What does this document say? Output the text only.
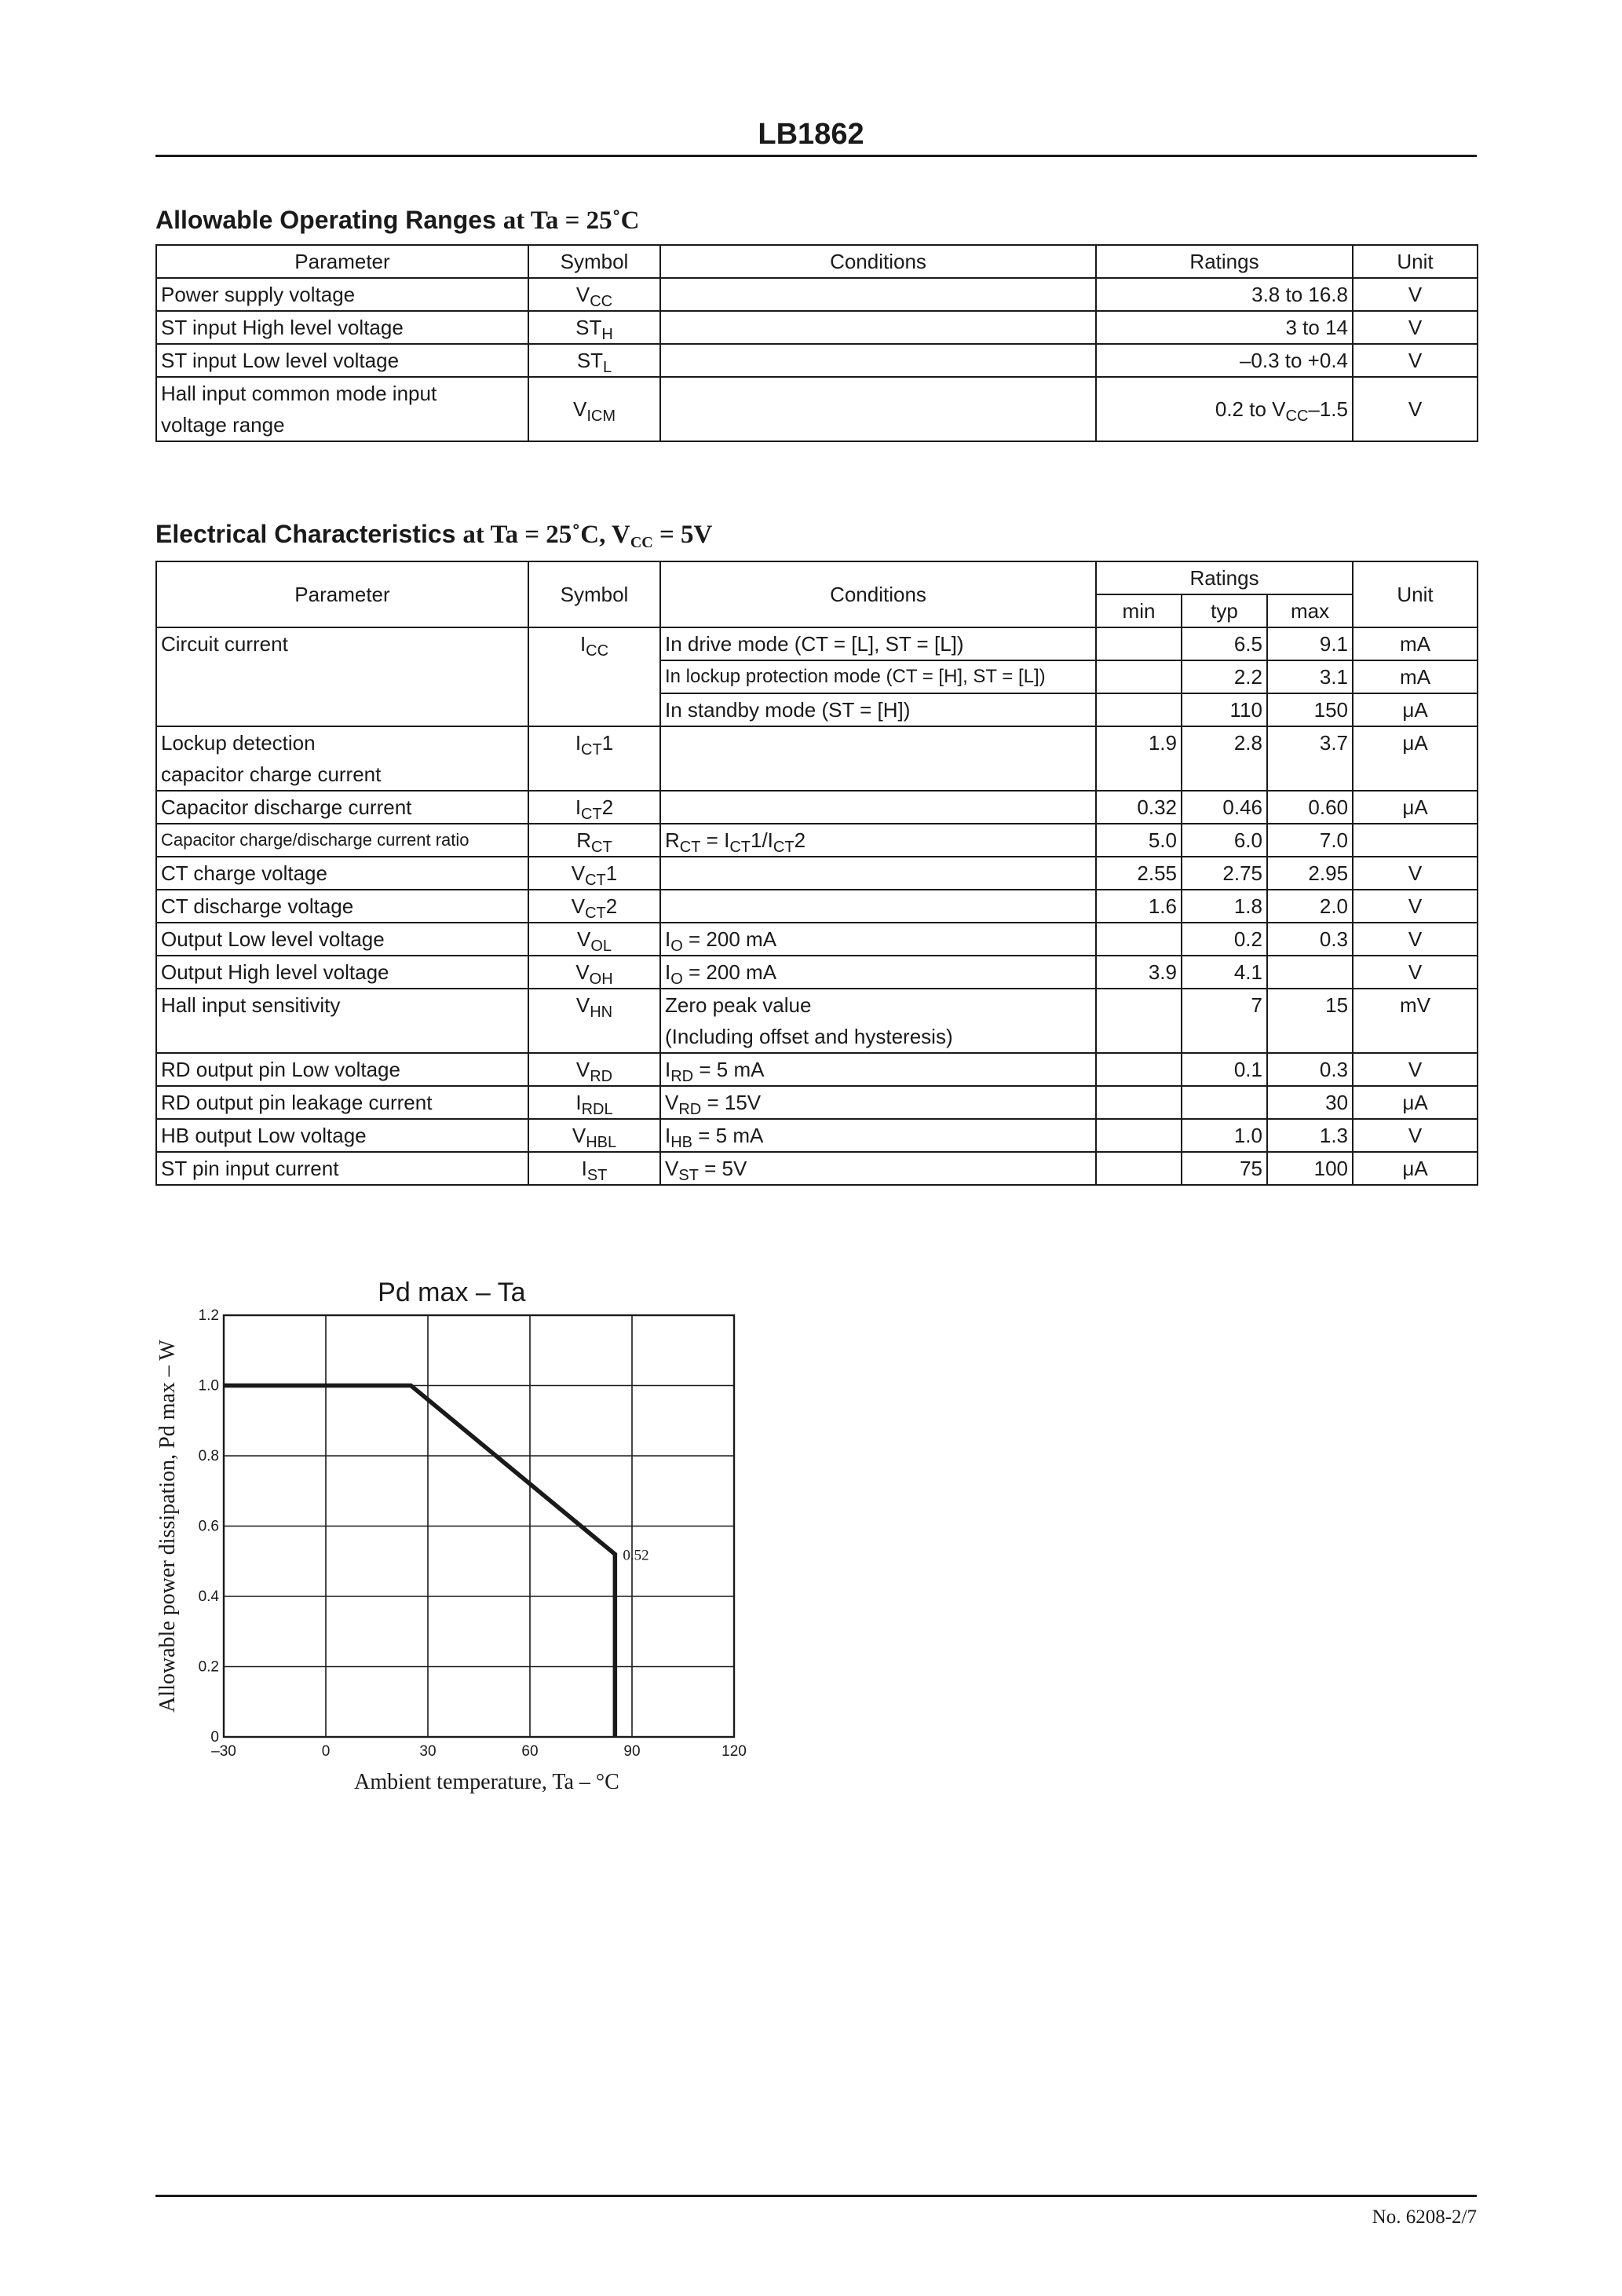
LB1862
Allowable Operating Ranges at Ta = 25˚C
Parameter	Symbol	Conditions	Ratings	Unit
Power supply voltage	$V_{CC}$		3.8 to 16.8	V
ST input High level voltage	$ST_H$		3 to 14	V
ST input Low level voltage	$ST_L$		–0.3 to +0.4	V

Hall input common mode input
voltage range	$V_{ICM}$		0.2 to $V_{CC}-1.5$	V
Electrical Characteristics at Ta = 25˚C, $V_{CC} = 5V$
Parameter	Symbol	Conditions	Ratings			Unit
			min	typ	max	
Circuit current	$I_{CC}$	In drive mode (CT = [L], ST = [L])		6.5	9.1	mA
		In lockup protection mode (CT = [H], ST = [L])		2.2	3.1	mA
		In standby mode (ST = [H])		110	150	μA

Lockup detection
capacitor charge current	$I_{CT}1$		1.9	2.8	3.7	μA
Capacitor discharge current	$I_{CT}2$		0.32	0.46	0.60	μA
Capacitor charge/discharge current ratio	$R_{CT}$	$R_{CT} = I_{CT}1/I_{CT}2$	5.0	6.0	7.0	
CT charge voltage	$V_{CT}1$		2.55	2.75	2.95	V
CT discharge voltage	$V_{CT}2$		1.6	1.8	2.0	V
Output Low level voltage	$V_{OL}$	$I_O = 200$ mA		0.2	0.3	V
Output High level voltage	$V_{OH}$	$I_O = 200$ mA	3.9	4.1		V
Hall input sensitivity	$V_{HN}$	Zero peak value
(Including offset and hysteresis)		7	15	mV
RD output pin Low voltage	$V_{RD}$	$I_{RD} = 5$ mA		0.1	0.3	V
RD output pin leakage current	$I_{RDL}$	$V_{RD} = 15V$			30	μA
HB output Low voltage	$V_{HBL}$	$I_{HB} = 5$ mA		1.0	1.3	V
ST pin input current	$I_{ST}$	$V_{ST} = 5V$		75	100	μA
Pd max – Ta
–30	0	30	60	90	120
0
0.2
0.4
0.6
0.8
1.0
1.2
Ambient temperature, Ta – °C
Allowable power dissipation, Pd max – W	0.52
No. 6208-2/7
